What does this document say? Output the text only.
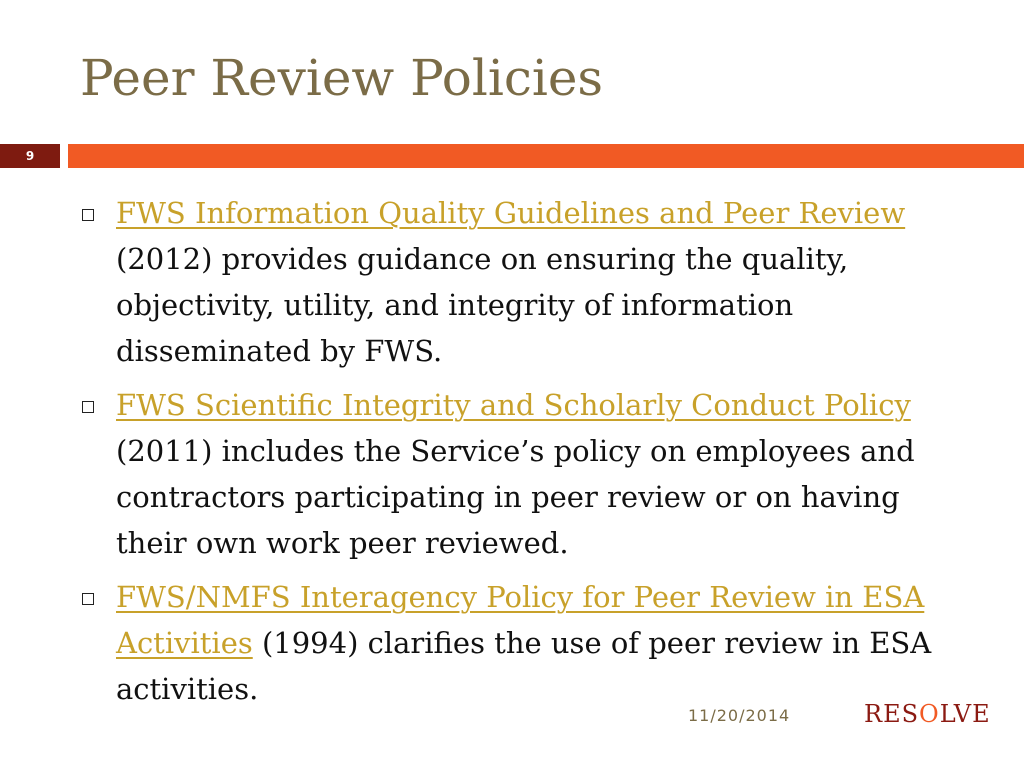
Peer Review Policies
9
FWS Information Quality Guidelines and Peer Review (2012) provides guidance on ensuring the quality, objectivity, utility, and integrity of information disseminated by FWS.
FWS Scientific Integrity and Scholarly Conduct Policy (2011) includes the Service’s policy on employees and contractors participating in peer review or on having their own work peer reviewed.
FWS/NMFS Interagency Policy for Peer Review in ESA Activities (1994) clarifies the use of peer review in ESA activities.
11/20/2014	RESOLVE
